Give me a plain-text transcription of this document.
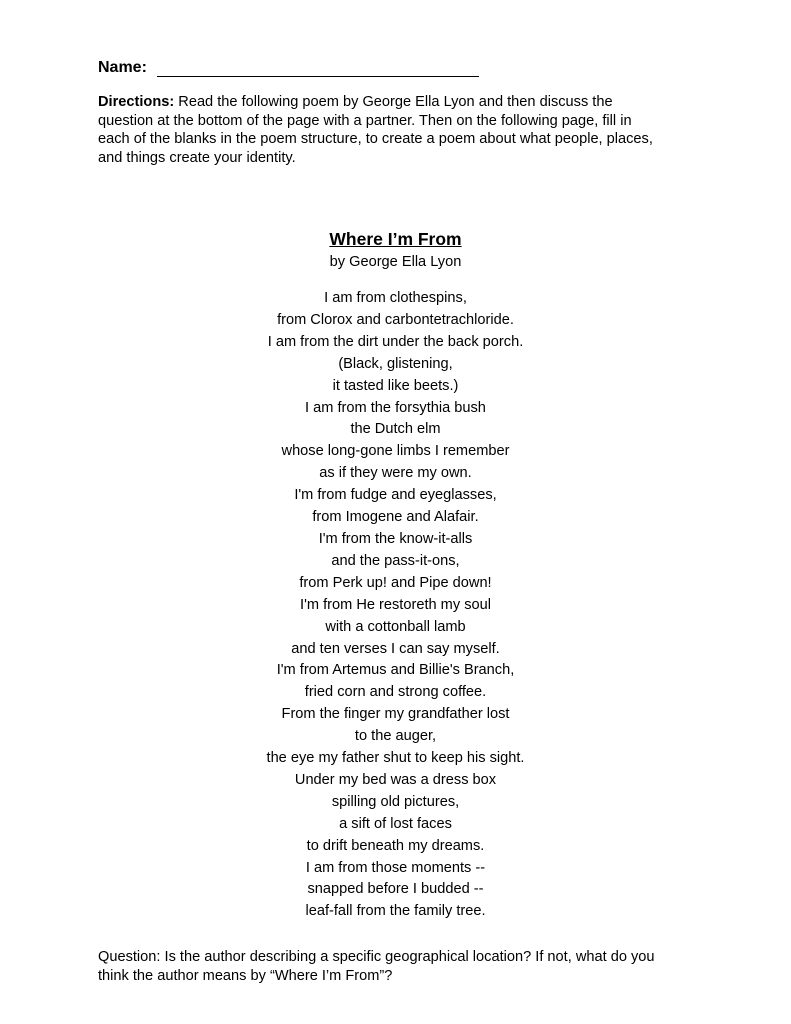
Name:
Directions: Read the following poem by George Ella Lyon and then discuss the
question at the bottom of the page with a partner. Then on the following page, fill in
each of the blanks in the poem structure, to create a poem about what people, places,
and things create your identity.
Where I’m From
by George Ella Lyon
I am from clothespins,
from Clorox and carbontetrachloride.
I am from the dirt under the back porch.
(Black, glistening,
it tasted like beets.)
I am from the forsythia bush
the Dutch elm
whose long-gone limbs I remember
as if they were my own.
I'm from fudge and eyeglasses,
from Imogene and Alafair.
I'm from the know-it-alls
and the pass-it-ons,
from Perk up! and Pipe down!
I'm from He restoreth my soul
with a cottonball lamb
and ten verses I can say myself.
I'm from Artemus and Billie's Branch,
fried corn and strong coffee.
From the finger my grandfather lost
to the auger,
the eye my father shut to keep his sight.
Under my bed was a dress box
spilling old pictures,
a sift of lost faces
to drift beneath my dreams.
I am from those moments --
snapped before I budded --
leaf-fall from the family tree.
Question: Is the author describing a specific geographical location? If not, what do you
think the author means by “Where I’m From”?
